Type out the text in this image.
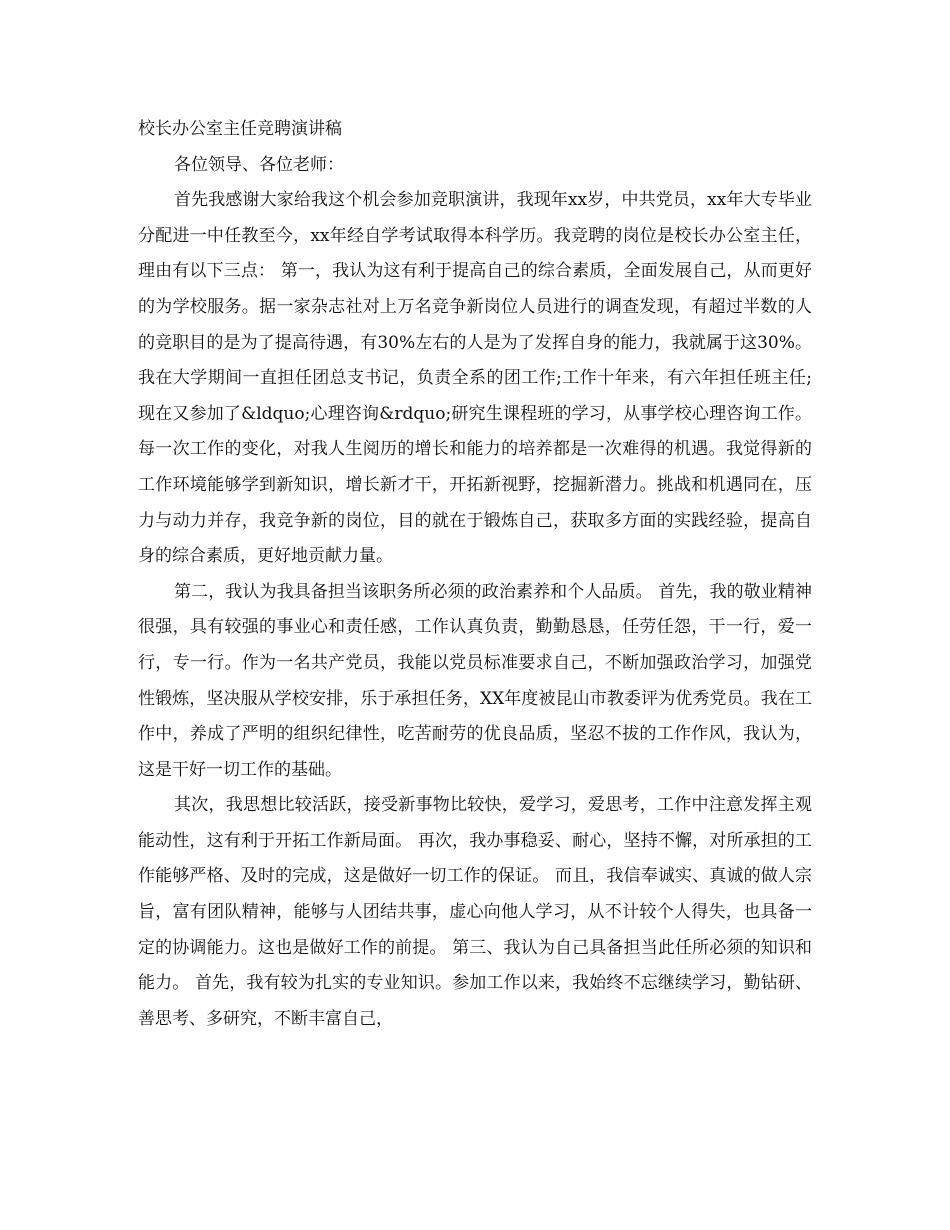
校长办公室主任竞聘演讲稿

各位领导、各位老师：

首先我感谢大家给我这个机会参加竞职演讲，我现年xx岁，中共党员，xx年大专毕业分配进一中任教至今，xx年经自学考试取得本科学历。我竞聘的岗位是校长办公室主任，理由有以下三点： 第一，我认为这有利于提高自己的综合素质，全面发展自己，从而更好的为学校服务。据一家杂志社对上万名竞争新岗位人员进行的调查发现，有超过半数的人的竞职目的是为了提高待遇，有30%左右的人是为了发挥自身的能力，我就属于这30%。我在大学期间一直担任团总支书记，负责全系的团工作;工作十年来，有六年担任班主任;现在又参加了&ldquo;心理咨询&rdquo;研究生课程班的学习，从事学校心理咨询工作。每一次工作的变化，对我人生阅历的增长和能力的培养都是一次难得的机遇。我觉得新的工作环境能够学到新知识，增长新才干，开拓新视野，挖掘新潜力。挑战和机遇同在，压力与动力并存，我竞争新的岗位，目的就在于锻炼自己，获取多方面的实践经验，提高自身的综合素质，更好地贡献力量。

第二，我认为我具备担当该职务所必须的政治素养和个人品质。 首先，我的敬业精神很强，具有较强的事业心和责任感，工作认真负责，勤勤恳恳，任劳任怨，干一行，爱一行，专一行。作为一名共产党员，我能以党员标准要求自己，不断加强政治学习，加强党性锻炼，坚决服从学校安排，乐于承担任务，XX年度被昆山市教委评为优秀党员。我在工作中，养成了严明的组织纪律性，吃苦耐劳的优良品质，坚忍不拔的工作作风，我认为，这是干好一切工作的基础。

其次，我思想比较活跃，接受新事物比较快，爱学习，爱思考，工作中注意发挥主观能动性，这有利于开拓工作新局面。 再次，我办事稳妥、耐心，坚持不懈，对所承担的工作能够严格、及时的完成，这是做好一切工作的保证。 而且，我信奉诚实、真诚的做人宗旨，富有团队精神，能够与人团结共事，虚心向他人学习，从不计较个人得失，也具备一定的协调能力。这也是做好工作的前提。 第三、我认为自己具备担当此任所必须的知识和能力。 首先，我有较为扎实的专业知识。参加工作以来，我始终不忘继续学习，勤钻研、善思考、多研究，不断丰富自己，
